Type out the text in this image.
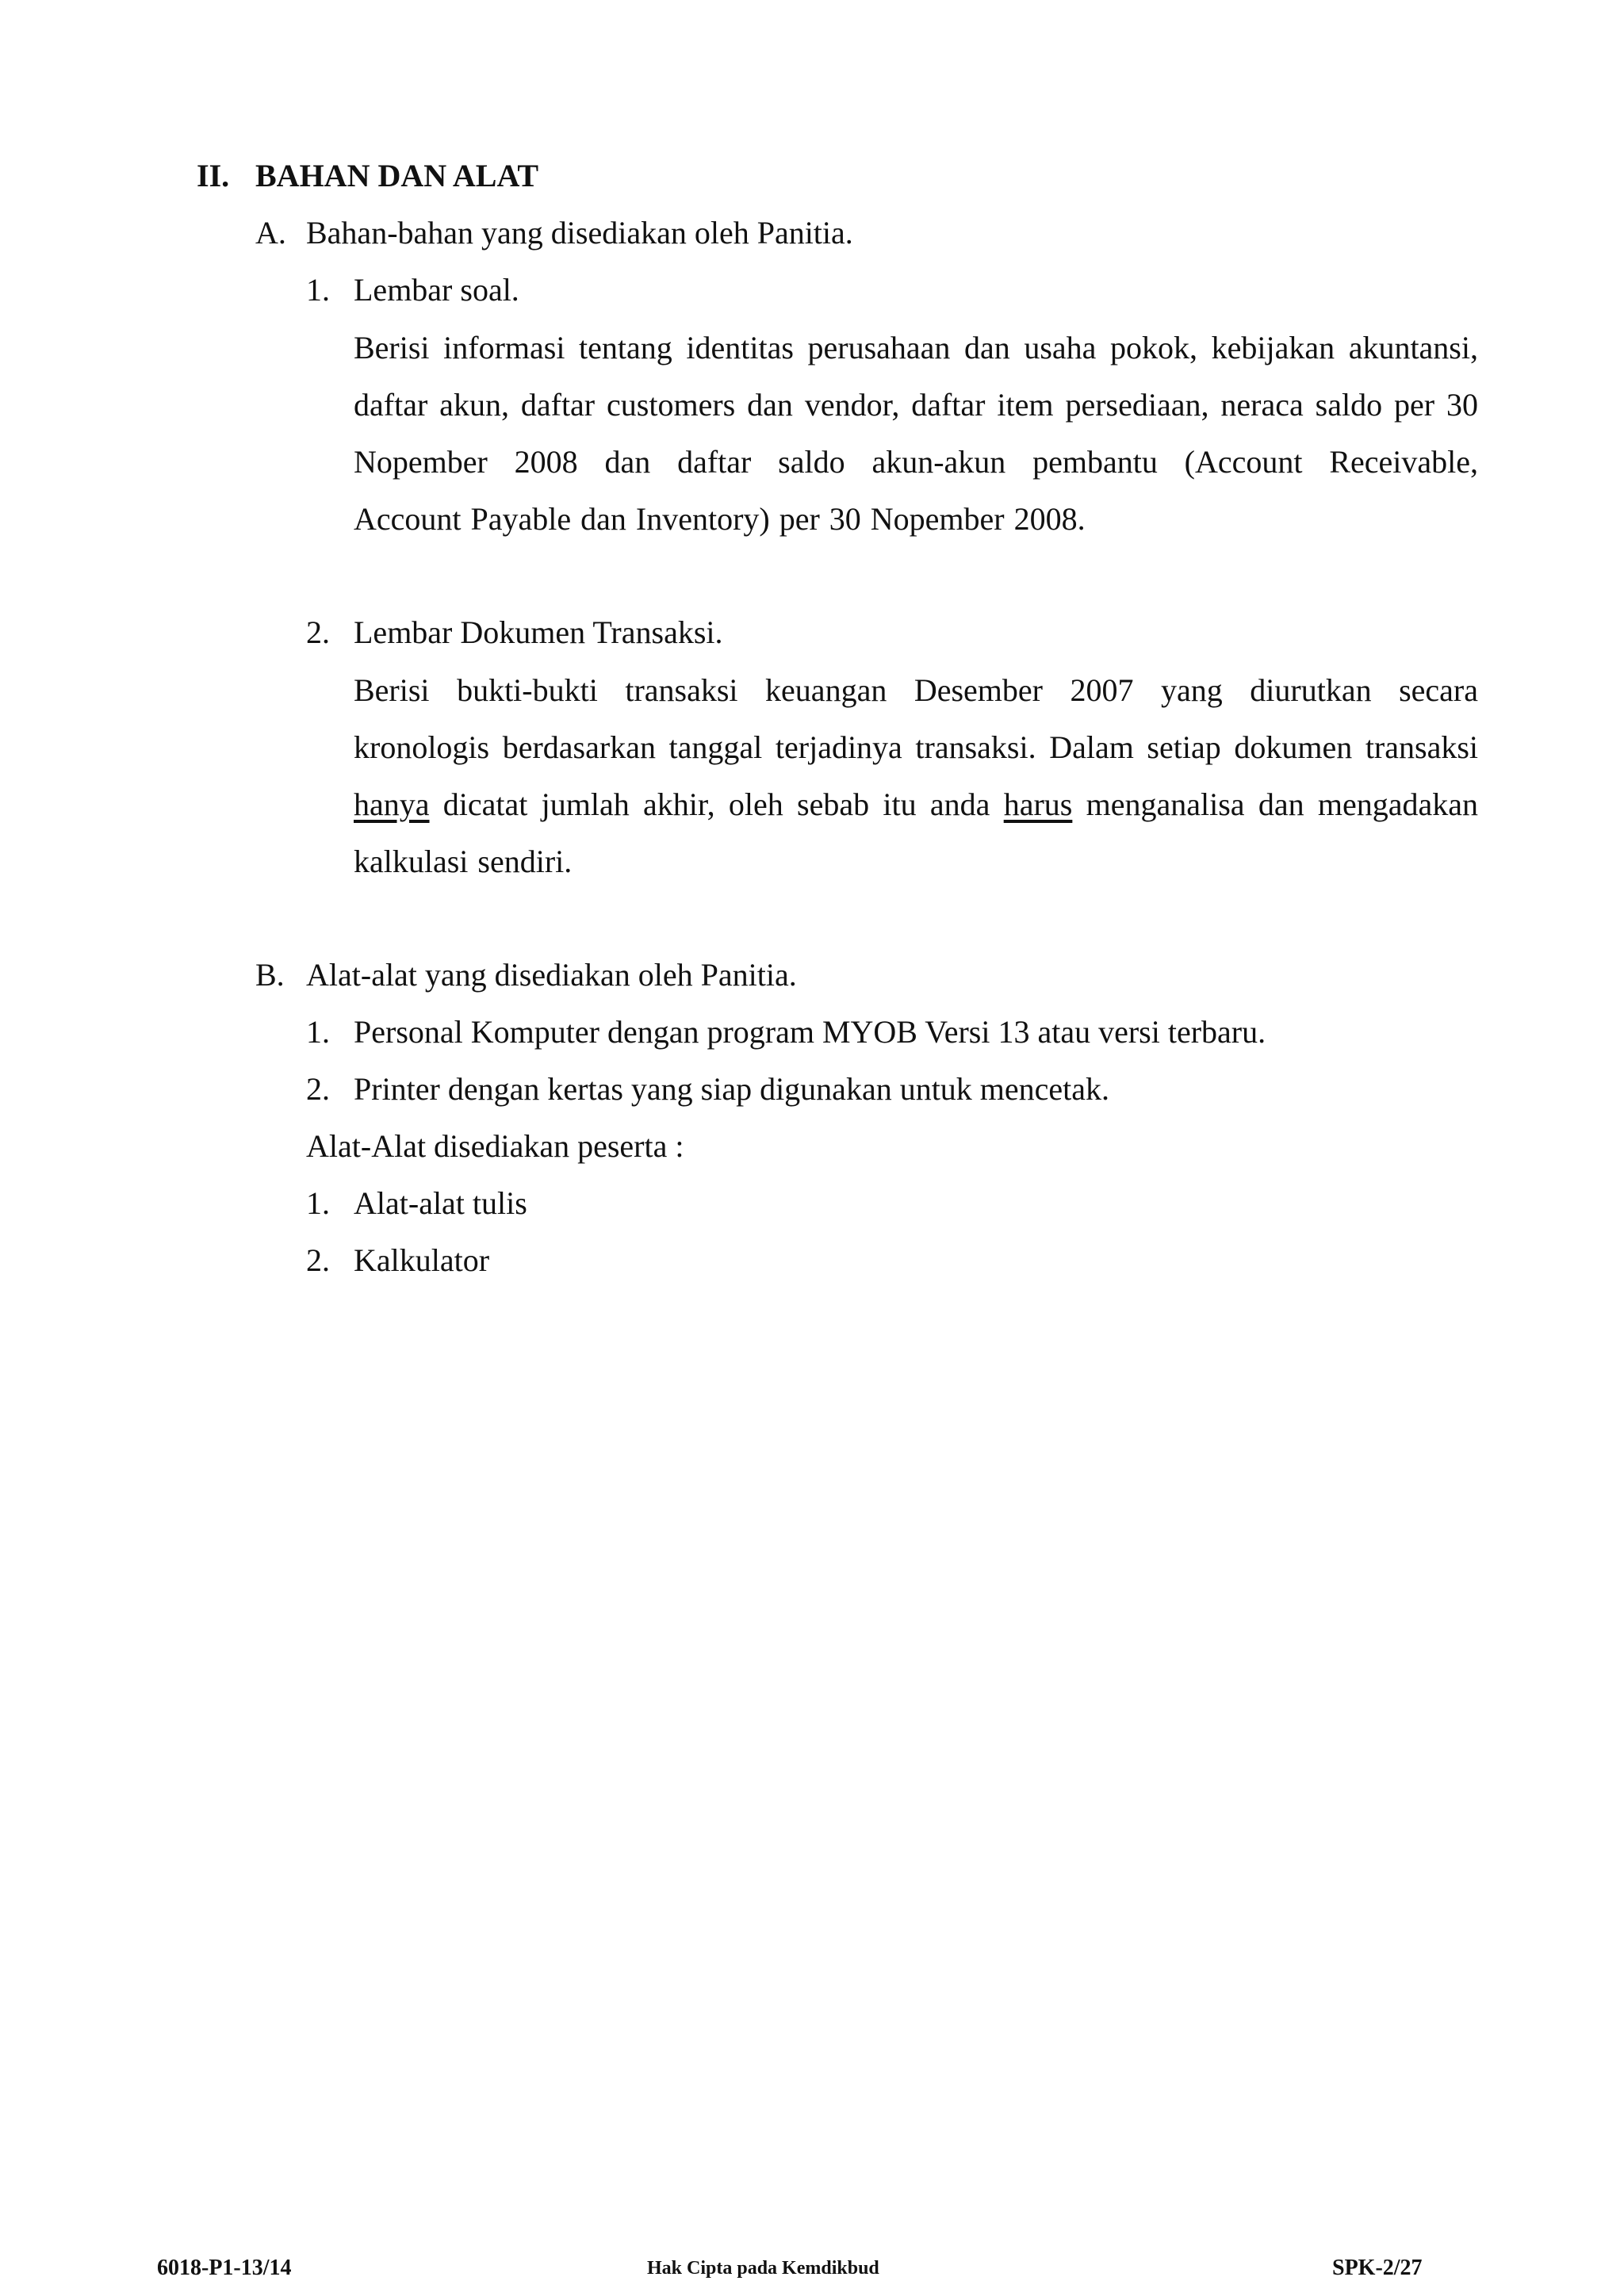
II. BAHAN DAN ALAT
A. Bahan-bahan yang disediakan oleh Panitia.
1. Lembar soal.
Berisi informasi tentang identitas perusahaan dan usaha pokok, kebijakan akuntansi,
daftar akun, daftar customers dan vendor, daftar item persediaan, neraca saldo per 30
Nopember 2008 dan daftar saldo akun-akun pembantu (Account Receivable,
Account Payable dan Inventory) per 30 Nopember 2008.
2. Lembar Dokumen Transaksi.
Berisi bukti-bukti transaksi keuangan Desember 2007 yang diurutkan secara
kronologis berdasarkan tanggal terjadinya transaksi. Dalam setiap dokumen transaksi
hanya dicatat jumlah akhir, oleh sebab itu anda harus menganalisa dan mengadakan
kalkulasi sendiri.
B. Alat-alat yang disediakan oleh Panitia.
1. Personal Komputer dengan program MYOB Versi 13 atau versi terbaru.
2. Printer dengan kertas yang siap digunakan untuk mencetak.
Alat-Alat disediakan peserta :
1. Alat-alat tulis
2. Kalkulator
6018-P1-13/14	Hak Cipta pada Kemdikbud	SPK-2/27
